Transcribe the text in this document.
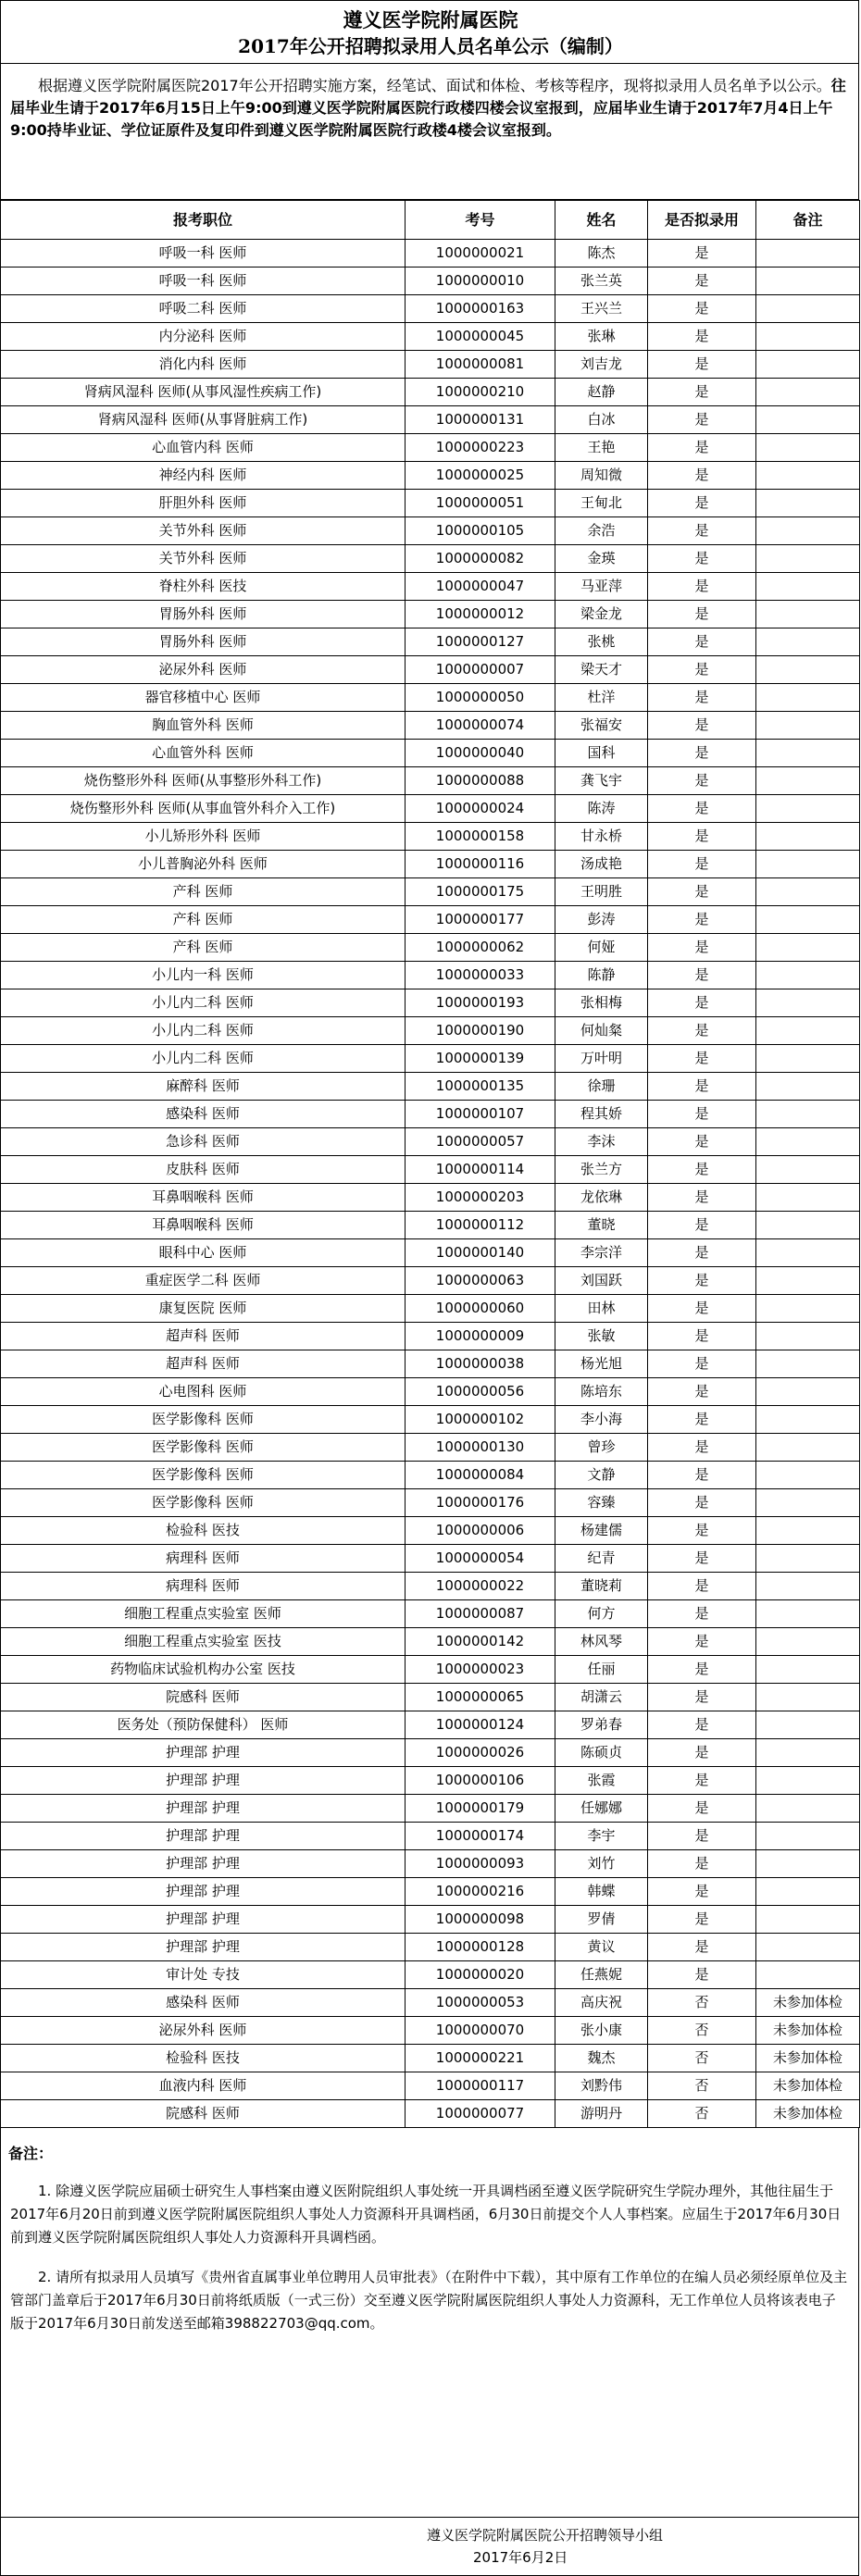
遵义医学院附属医院
2017年公开招聘拟录用人员名单公示（编制）
根据遵义医学院附属医院2017年公开招聘实施方案，经笔试、面试和体检、考核等程序，现将拟录用人员名单予以公示。往届毕业生请于2017年6月15日上午9:00到遵义医学院附属医院行政楼四楼会议室报到，应届毕业生请于2017年7月4日上午9:00持毕业证、学位证原件及复印件到遵义医学院附属医院行政楼4楼会议室报到。
报考职位	考号	姓名	是否拟录用	备注
呼吸一科 医师	1000000021	陈杰	是	
呼吸一科 医师	1000000010	张兰英	是	
呼吸二科 医师	1000000163	王兴兰	是	
内分泌科 医师	1000000045	张琳	是	
消化内科 医师	1000000081	刘吉龙	是	
肾病风湿科 医师(从事风湿性疾病工作)	1000000210	赵静	是	
肾病风湿科 医师(从事肾脏病工作)	1000000131	白冰	是	
心血管内科 医师	1000000223	王艳	是	
神经内科 医师	1000000025	周知微	是	
肝胆外科 医师	1000000051	王甸北	是	
关节外科 医师	1000000105	余浩	是	
关节外科 医师	1000000082	金瑛	是	
脊柱外科 医技	1000000047	马亚萍	是	
胃肠外科 医师	1000000012	梁金龙	是	
胃肠外科 医师	1000000127	张桃	是	
泌尿外科 医师	1000000007	梁天才	是	
器官移植中心 医师	1000000050	杜洋	是	
胸血管外科 医师	1000000074	张福安	是	
心血管外科 医师	1000000040	国科	是	
烧伤整形外科 医师(从事整形外科工作)	1000000088	龚飞宇	是	
烧伤整形外科 医师(从事血管外科介入工作)	1000000024	陈涛	是	
小儿矫形外科 医师	1000000158	甘永桥	是	
小儿普胸泌外科 医师	1000000116	汤成艳	是	
产科 医师	1000000175	王明胜	是	
产科 医师	1000000177	彭涛	是	
产科 医师	1000000062	何娅	是	
小儿内一科 医师	1000000033	陈静	是	
小儿内二科 医师	1000000193	张相梅	是	
小儿内二科 医师	1000000190	何灿粲	是	
小儿内二科 医师	1000000139	万叶明	是	
麻醉科 医师	1000000135	徐珊	是	
感染科 医师	1000000107	程其娇	是	
急诊科 医师	1000000057	李沫	是	
皮肤科 医师	1000000114	张兰方	是	
耳鼻咽喉科 医师	1000000203	龙依琳	是	
耳鼻咽喉科 医师	1000000112	董晓	是	
眼科中心 医师	1000000140	李宗洋	是	
重症医学二科 医师	1000000063	刘国跃	是	
康复医院 医师	1000000060	田林	是	
超声科 医师	1000000009	张敏	是	
超声科 医师	1000000038	杨光旭	是	
心电图科 医师	1000000056	陈培东	是	
医学影像科 医师	1000000102	李小海	是	
医学影像科 医师	1000000130	曾珍	是	
医学影像科 医师	1000000084	文静	是	
医学影像科 医师	1000000176	容臻	是	
检验科 医技	1000000006	杨建儒	是	
病理科 医师	1000000054	纪青	是	
病理科 医师	1000000022	董晓莉	是	
细胞工程重点实验室 医师	1000000087	何方	是	
细胞工程重点实验室 医技	1000000142	林风琴	是	
药物临床试验机构办公室 医技	1000000023	任丽	是	
院感科 医师	1000000065	胡潇云	是	
医务处（预防保健科） 医师	1000000124	罗弟春	是	
护理部 护理	1000000026	陈硕贞	是	
护理部 护理	1000000106	张霞	是	
护理部 护理	1000000179	任娜娜	是	
护理部 护理	1000000174	李宇	是	
护理部 护理	1000000093	刘竹	是	
护理部 护理	1000000216	韩蝶	是	
护理部 护理	1000000098	罗倩	是	
护理部 护理	1000000128	黄议	是	
审计处 专技	1000000020	任燕妮	是	
感染科 医师	1000000053	高庆祝	否	未参加体检
泌尿外科 医师	1000000070	张小康	否	未参加体检
检验科 医技	1000000221	魏杰	否	未参加体检
血液内科 医师	1000000117	刘黔伟	否	未参加体检
院感科 医师	1000000077	游明丹	否	未参加体检
备注：
1. 除遵义医学院应届硕士研究生人事档案由遵义医附院组织人事处统一开具调档函至遵义医学院研究生学院办理外，其他往届生于2017年6月20日前到遵义医学院附属医院组织人事处人力资源科开具调档函，6月30日前提交个人人事档案。应届生于2017年6月30日前到遵义医学院附属医院组织人事处人力资源科开具调档函。
2. 请所有拟录用人员填写《贵州省直属事业单位聘用人员审批表》（在附件中下载），其中原有工作单位的在编人员必须经原单位及主管部门盖章后于2017年6月30日前将纸质版（一式三份）交至遵义医学院附属医院组织人事处人力资源科，无工作单位人员将该表电子版于2017年6月30日前发送至邮箱398822703@qq.com。
遵义医学院附属医院公开招聘领导小组
2017年6月2日
